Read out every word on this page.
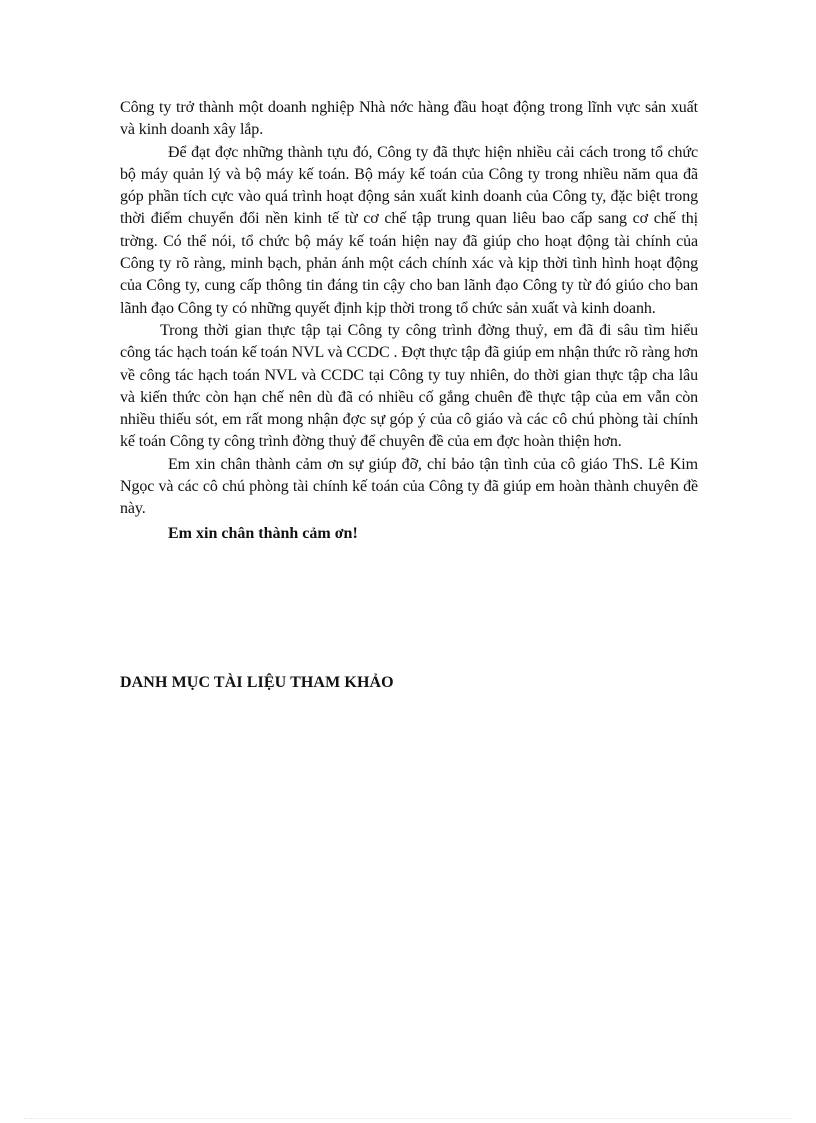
Công ty trở thành một doanh nghiệp Nhà nớc hàng đầu hoạt động trong lĩnh vực sản xuất và kinh doanh xây lắp.

Để đạt đợc những thành tựu đó, Công ty đã thực hiện nhiều cải cách trong tổ chức bộ máy quản lý và bộ máy kế toán. Bộ máy kế toán của Công ty trong nhiều năm qua đã góp phần tích cực vào quá trình hoạt động sản xuất kinh doanh của Công ty, đặc biệt trong thời điểm chuyển đổi nền kinh tế từ cơ chế tập trung quan liêu bao cấp sang cơ chế thị trờng. Có thể nói, tổ chức bộ máy kế toán hiện nay đã giúp cho hoạt động tài chính của Công ty rõ ràng, minh bạch, phản ánh một cách chính xác và kịp thời tình hình hoạt động của Công ty, cung cấp thông tin đáng tin cậy cho ban lãnh đạo Công ty từ đó giúo cho ban lãnh đạo Công ty có những quyết định kịp thời trong tổ chức sản xuất và kinh doanh.

Trong thời gian thực tập tại Công ty công trình đờng thuỷ, em đã đi sâu tìm hiểu công tác hạch toán kế toán NVL và CCDC . Đợt thực tập đã giúp em nhận thức rõ ràng hơn về công tác hạch toán NVL và CCDC tại Công ty tuy nhiên, do thời gian thực tập cha lâu và kiến thức còn hạn chế nên dù đã có nhiều cố gắng chuên đề thực tập của em vẫn còn nhiều thiếu sót, em rất mong nhận đợc sự góp ý của cô giáo và các cô chú phòng tài chính kế toán Công ty công trình đờng thuỷ để chuyên đề của em đợc hoàn thiện hơn.

Em xin chân thành cảm ơn sự giúp đỡ, chỉ bảo tận tình của cô giáo ThS. Lê Kim Ngọc và các cô chú phòng tài chính kế toán của Công ty đã giúp em hoàn thành chuyên đề này.

Em xin chân thành cảm ơn!

DANH MỤC TÀI LIỆU THAM KHẢO
